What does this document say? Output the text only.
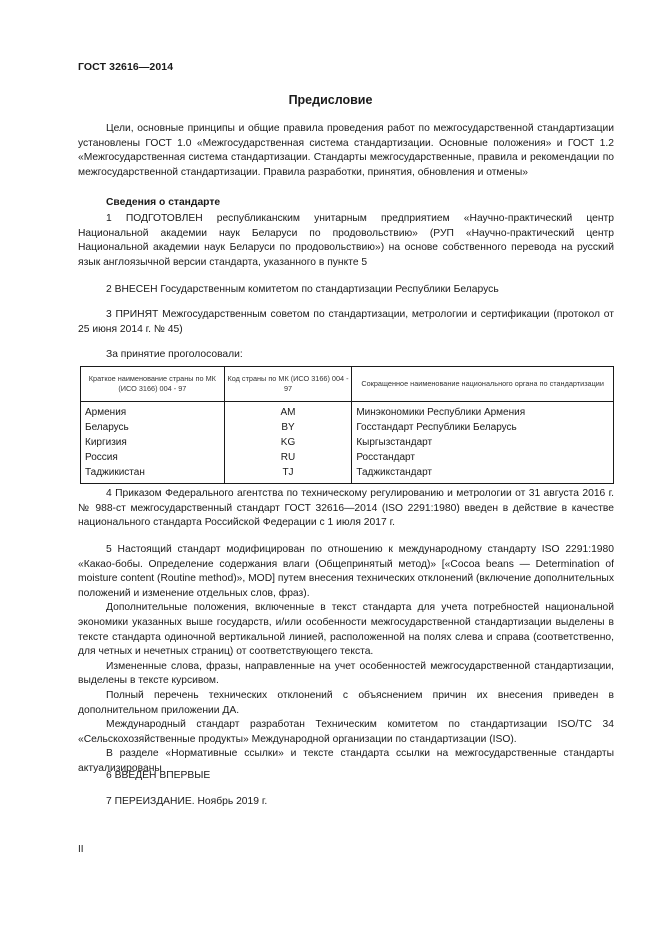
ГОСТ 32616—2014
Предисловие

Цели, основные принципы и общие правила проведения работ по межгосударственной стандартизации установлены ГОСТ 1.0 «Межгосударственная система стандартизации. Основные положения» и ГОСТ 1.2 «Межгосударственная система стандартизации. Стандарты межгосударственные, правила и рекомендации по межгосударственной стандартизации. Правила разработки, принятия, обновления и отмены»

Сведения о стандарте

1 ПОДГОТОВЛЕН республиканским унитарным предприятием «Научно-практический центр Национальной академии наук Беларуси по продовольствию» (РУП «Научно-практический центр Национальной академии наук Беларуси по продовольствию») на основе собственного перевода на русский язык англоязычной версии стандарта, указанного в пункте 5

2 ВНЕСЕН Государственным комитетом по стандартизации Республики Беларусь

3 ПРИНЯТ Межгосударственным советом по стандартизации, метрологии и сертификации (протокол от 25 июня 2014 г. № 45)

За принятие проголосовали:
Краткое наименование страны по МК (ИСО 3166) 004 - 97	Код страны по МК (ИСО 3166) 004 - 97	Сокращенное наименование национального органа по стандартизации
Армения	AM	Минэкономики Республики Армения
Беларусь	BY	Госстандарт Республики Беларусь
Киргизия	KG	Кыргызстандарт
Россия	RU	Росстандарт
Таджикистан	TJ	Таджикстандарт

4 Приказом Федерального агентства по техническому регулированию и метрологии от 31 августа 2016 г. № 988-ст межгосударственный стандарт ГОСТ 32616—2014 (ISO 2291:1980) введен в действие в качестве национального стандарта Российской Федерации с 1 июля 2017 г.

5 Настоящий стандарт модифицирован по отношению к международному стандарту ISO 2291:1980 «Какао-бобы. Определение содержания влаги (Общепринятый метод)» [«Cocoa beans — Determination of moisture content (Routine method)», MOD] путем внесения технических отклонений (включение дополнительных положений и изменение отдельных слов, фраз).

Дополнительные положения, включенные в текст стандарта для учета потребностей национальной экономики указанных выше государств, и/или особенности межгосударственной стандартизации выделены в тексте стандарта одиночной вертикальной линией, расположенной на полях слева и справа (соответственно, для четных и нечетных страниц) от соответствующего текста.

Измененные слова, фразы, направленные на учет особенностей межгосударственной стандартизации, выделены в тексте курсивом.

Полный перечень технических отклонений с объяснением причин их внесения приведен в дополнительном приложении ДА.

Международный стандарт разработан Техническим комитетом по стандартизации ISO/TC 34 «Сельскохозяйственные продукты» Международной организации по стандартизации (ISO).

В разделе «Нормативные ссылки» и тексте стандарта ссылки на межгосударственные стандарты актуализированы

6 ВВЕДЕН ВПЕРВЫЕ

7 ПЕРЕИЗДАНИЕ. Ноябрь 2019 г.

II
